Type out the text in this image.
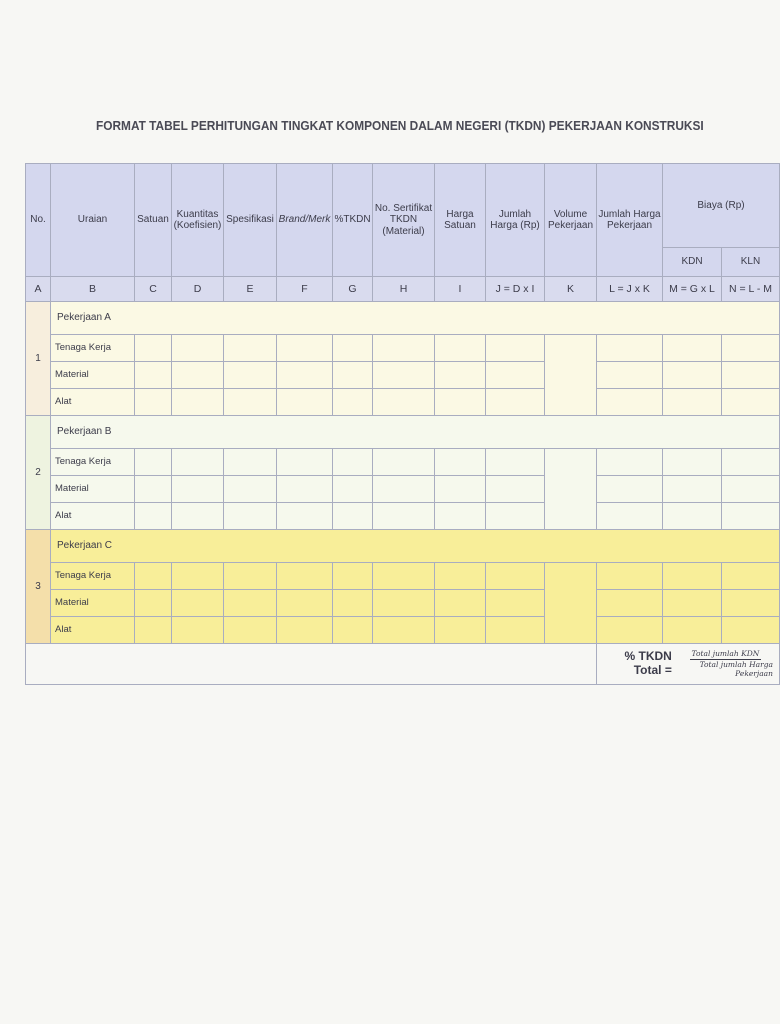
FORMAT TABEL PERHITUNGAN TINGKAT KOMPONEN DALAM NEGERI (TKDN) PEKERJAAN KONSTRUKSI
No.	Uraian	Satuan	Kuantitas (Koefisien)	Spesifikasi	Brand/Merk	%TKDN	No. Sertifikat TKDN (Material)	Harga Satuan	Jumlah Harga (Rp)	Volume Pekerjaan	Jumlah Harga Pekerjaan	Biaya (Rp)	
												KDN	KLN
A	B	C	D	E	F	G	H	I	J = D x I	K	L = J x K	M = G x L	N = L - M
1	Pekerjaan A												
	Tenaga Kerja												
	Material												
	Alat												
2	Pekerjaan B												
	Tenaga Kerja												
	Material												
	Alat												
3	Pekerjaan C												
	Tenaga Kerja												
	Material												
	Alat												

											% TKDN Total = $\frac{\text{Total jumlah KDN}}{\text{Total jumlah Harga Pekerjaan}}$
